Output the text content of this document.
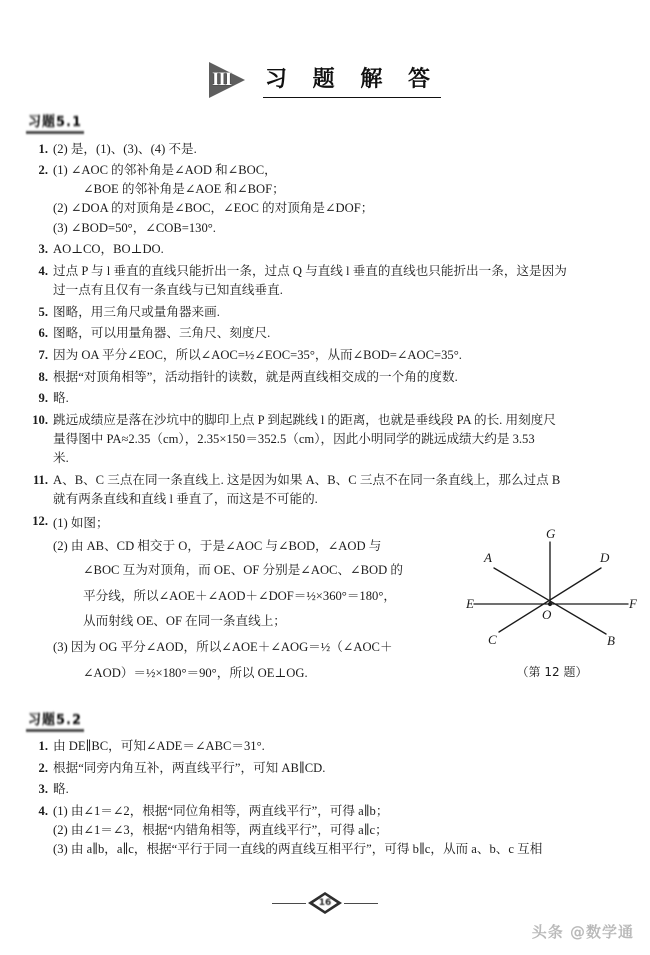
III 习 题 解 答
习题5.1
1. (2) 是，(1)、(3)、(4) 不是.
2. (1) ∠AOC 的邻补角是∠AOD 和∠BOC，
∠BOE 的邻补角是∠AOE 和∠BOF；
(2) ∠DOA 的对顶角是∠BOC，∠EOC 的对顶角是∠DOF；
(3) ∠BOD=50°，∠COB=130°.
3. AO⊥CO，BO⊥DO.
4. 过点 P 与 l 垂直的直线只能折出一条，过点 Q 与直线 l 垂直的直线也只能折出一条，这是因为
过一点有且仅有一条直线与已知直线垂直.
5. 图略，用三角尺或量角器来画.
6. 图略，可以用量角器、三角尺、刻度尺.
7. 因为 OA 平分∠EOC，所以∠AOC=½∠EOC=35°，从而∠BOD=∠AOC=35°.
8. 根据“对顶角相等”，活动指针的读数，就是两直线相交成的一个角的度数.
9. 略.
10. 跳远成绩应是落在沙坑中的脚印上点 P 到起跳线 l 的距离，也就是垂线段 PA 的长. 用刻度尺
量得图中 PA≈2.35（cm），2.35×150＝352.5（cm），因此小明同学的跳远成绩大约是 3.53
米.
11. A、B、C 三点在同一条直线上. 这是因为如果 A、B、C 三点不在同一条直线上，那么过点 B
就有两条直线和直线 l 垂直了，而这是不可能的.
12. (1) 如图；
(2) 由 AB、CD 相交于 O，于是∠AOC 与∠BOD，∠AOD 与
∠BOC 互为对顶角，而 OE、OF 分别是∠AOC、∠BOD 的
平分线，所以∠AOE＋∠AOD＋∠DOF＝½×360°＝180°，
从而射线 OE、OF 在同一条直线上；
(3) 因为 OG 平分∠AOD，所以∠AOE＋∠AOG＝½（∠AOC＋
∠AOD）＝½×180°＝90°，所以 OE⊥OG.
G
A	D
E	F
C	B
O
（第 12 题）
习题5.2
1. 由 DE∥BC，可知∠ADE＝∠ABC＝31°.
2. 根据“同旁内角互补，两直线平行”，可知 AB∥CD.
3. 略.
4. (1) 由∠1＝∠2，根据“同位角相等，两直线平行”，可得 a∥b；
(2) 由∠1＝∠3，根据“内错角相等，两直线平行”，可得 a∥c；
(3) 由 a∥b，a∥c，根据“平行于同一直线的两直线互相平行”，可得 b∥c，从而 a、b、c 互相
16
头条 @数学通
